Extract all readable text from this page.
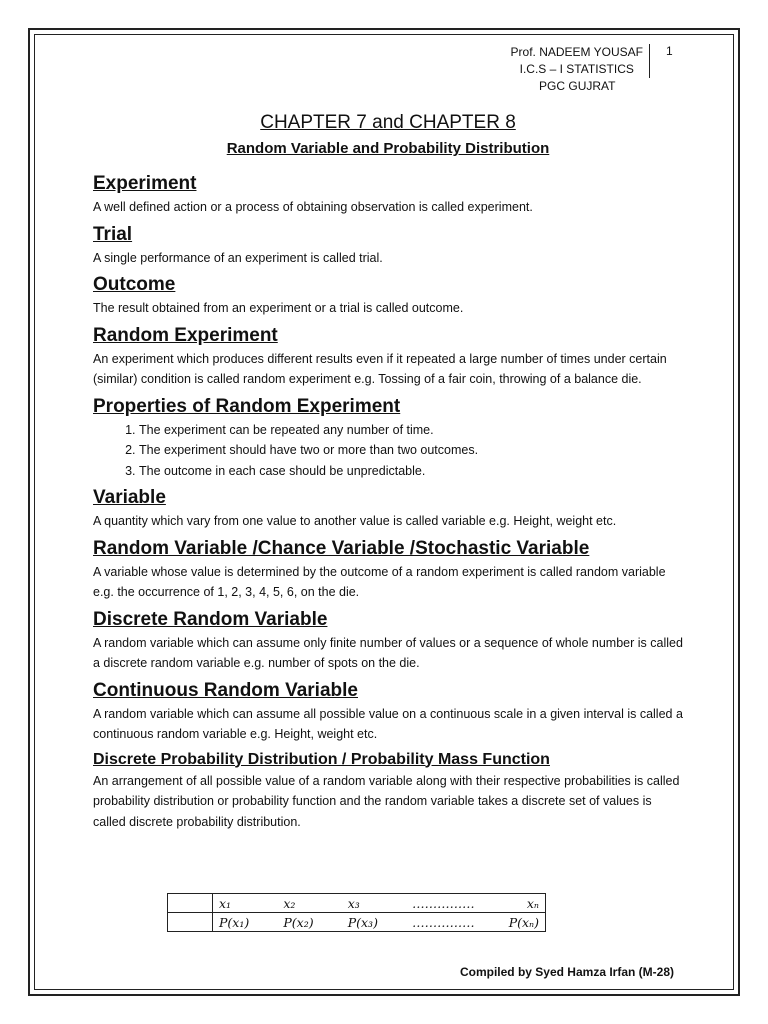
Prof. NADEEM YOUSAF
I.C.S – I STATISTICS
PGC GUJRAT
1
CHAPTER 7 and CHAPTER 8
Random Variable and Probability Distribution
Experiment

A well defined action or a process of obtaining observation is called experiment.

Trial

A single performance of an experiment is called trial.

Outcome

The result obtained from an experiment or a trial is called outcome.

Random Experiment

An experiment which produces different results even if it repeated a large number of times under certain (similar) condition is called random experiment e.g. Tossing of a fair coin, throwing of a balance die.

Properties of Random Experiment
1. The experiment can be repeated any number of time.
2. The experiment should have two or more than two outcomes.
3. The outcome in each case should be unpredictable.
Variable

A quantity which vary from one value to another value is called variable e.g. Height, weight etc.

Random Variable /Chance Variable /Stochastic Variable

A variable whose value is determined by the outcome of a random experiment is called random variable e.g. the occurrence of 1, 2, 3, 4, 5, 6, on the die.

Discrete Random Variable

A random variable which can assume only finite number of values or a sequence of whole number is called a discrete random variable e.g. number of spots on the die.

Continuous Random Variable

A random variable which can assume all possible value on a continuous scale in a given interval is called a continuous random variable e.g. Height, weight etc.

Discrete Probability Distribution / Probability Mass Function

An arrangement of all possible value of a random variable along with their respective probabilities is called probability distribution or probability function and the random variable takes a discrete set of values is called discrete probability distribution.

	x₁ x₂ x₃ …………… xₙ

	P(x₁) P(x₂) P(x₃) …………… P(xₙ)
Compiled by Syed Hamza Irfan (M-28)
